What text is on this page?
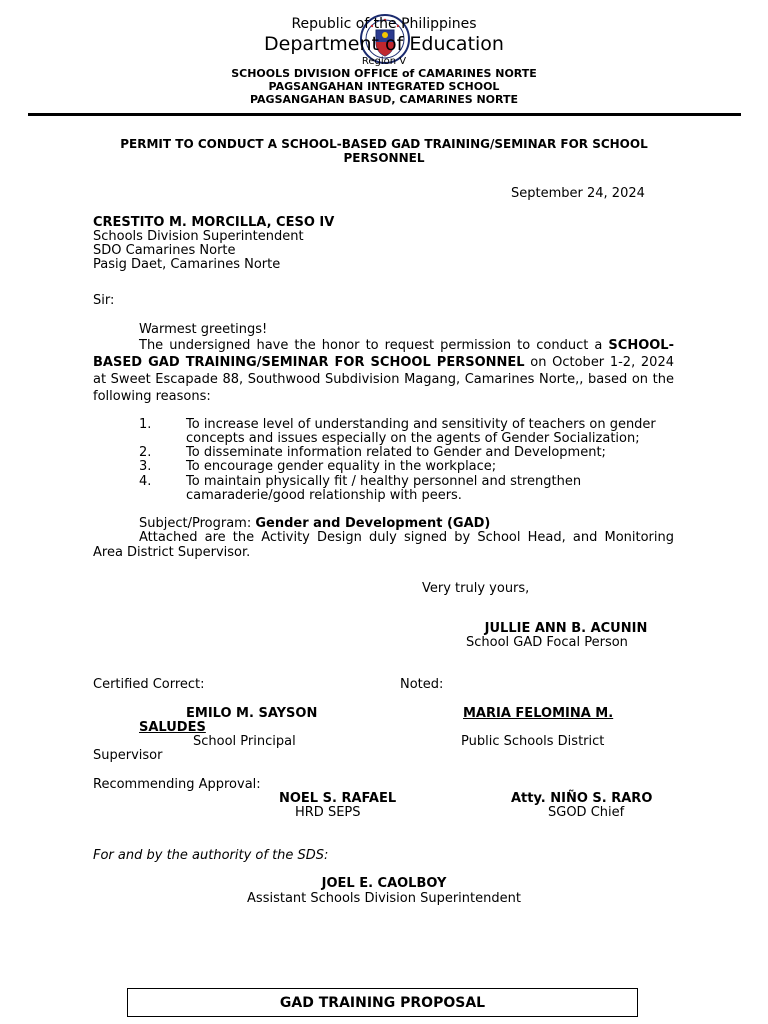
Republic of the Philippines
Department of Education
Region V
SCHOOLS DIVISION OFFICE of CAMARINES NORTE
PAGSANGAHAN INTEGRATED SCHOOL
PAGSANGAHAN BASUD, CAMARINES NORTE
PERMIT TO CONDUCT A SCHOOL-BASED GAD TRAINING/SEMINAR FOR SCHOOL
PERSONNEL
September 24, 2024
CRESTITO M. MORCILLA, CESO IV
Schools Division Superintendent
SDO Camarines Norte
Pasig Daet, Camarines Norte
Sir:
Warmest greetings!
The undersigned have the honor to request permission to conduct a SCHOOL-BASED GAD TRAINING/SEMINAR FOR SCHOOL PERSONNEL on October 1-2, 2024 at Sweet Escapade 88, Southwood Subdivision Magang, Camarines Norte,, based on the following reasons:
1.	To increase level of understanding and sensitivity of teachers on gender concepts and issues especially on the agents of Gender Socialization;
2.	To disseminate information related to Gender and Development;
3.	To encourage gender equality in the workplace;
4.	To maintain physically fit / healthy personnel and strengthen camaraderie/good relationship with peers.
Subject/Program: Gender and Development (GAD)
Attached are the Activity Design duly signed by School Head, and Monitoring Area District Supervisor.
Very truly yours,
JULLIE ANN B. ACUNIN
School GAD Focal Person
Certified Correct:	Noted:
EMILO M. SAYSON	MARIA FELOMINA M.
SALUDES
School Principal	Public Schools District
Supervisor
Recommending Approval:
NOEL S. RAFAEL	Atty. NIÑO S. RARO
HRD SEPS	SGOD Chief
For and by the authority of the SDS:
JOEL E. CAOLBOY
Assistant Schools Division Superintendent
GAD TRAINING PROPOSAL
